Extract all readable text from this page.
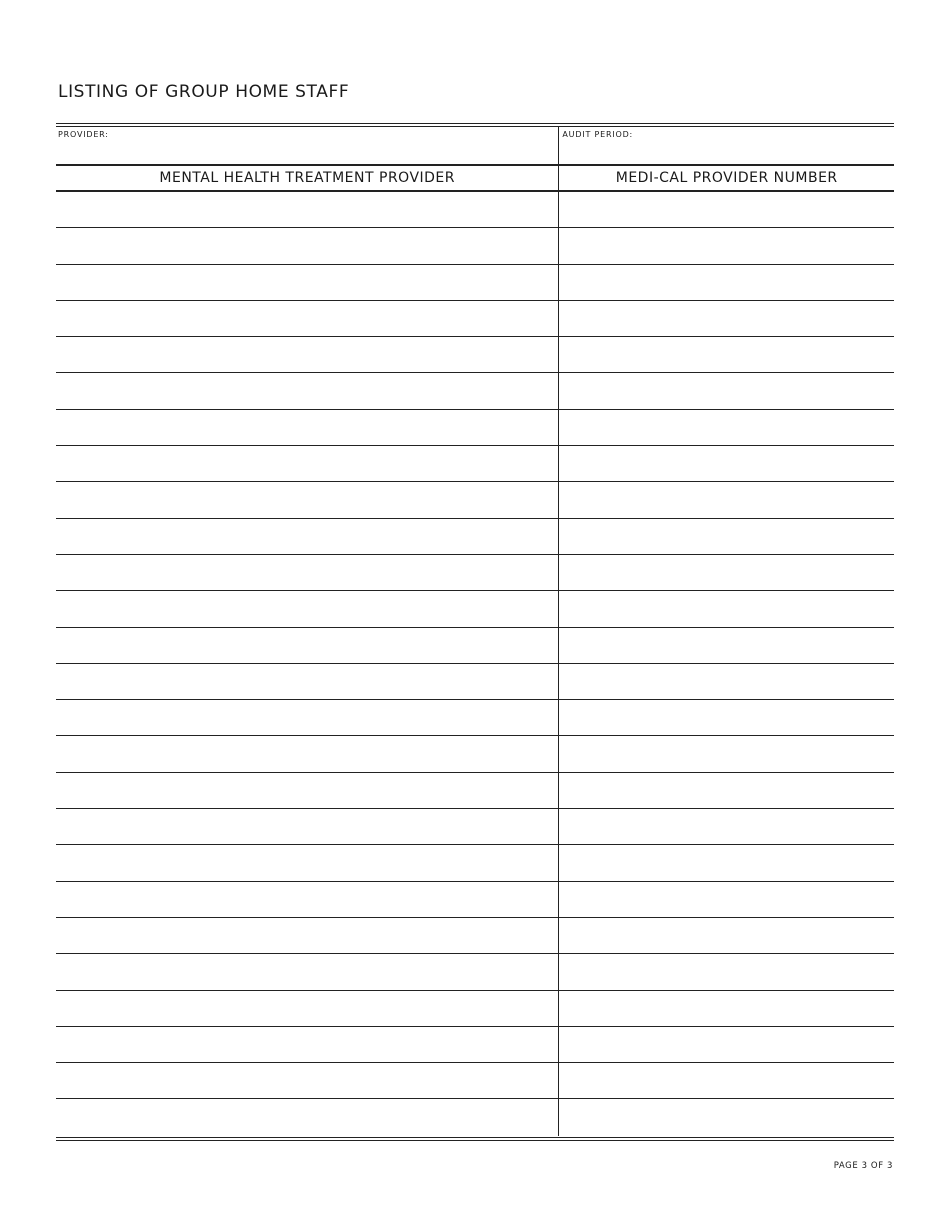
LISTING OF GROUP HOME STAFF
PROVIDER:	AUDIT PERIOD:
MENTAL HEALTH TREATMENT PROVIDER	MEDI-CAL PROVIDER NUMBER
PAGE 3 OF 3
